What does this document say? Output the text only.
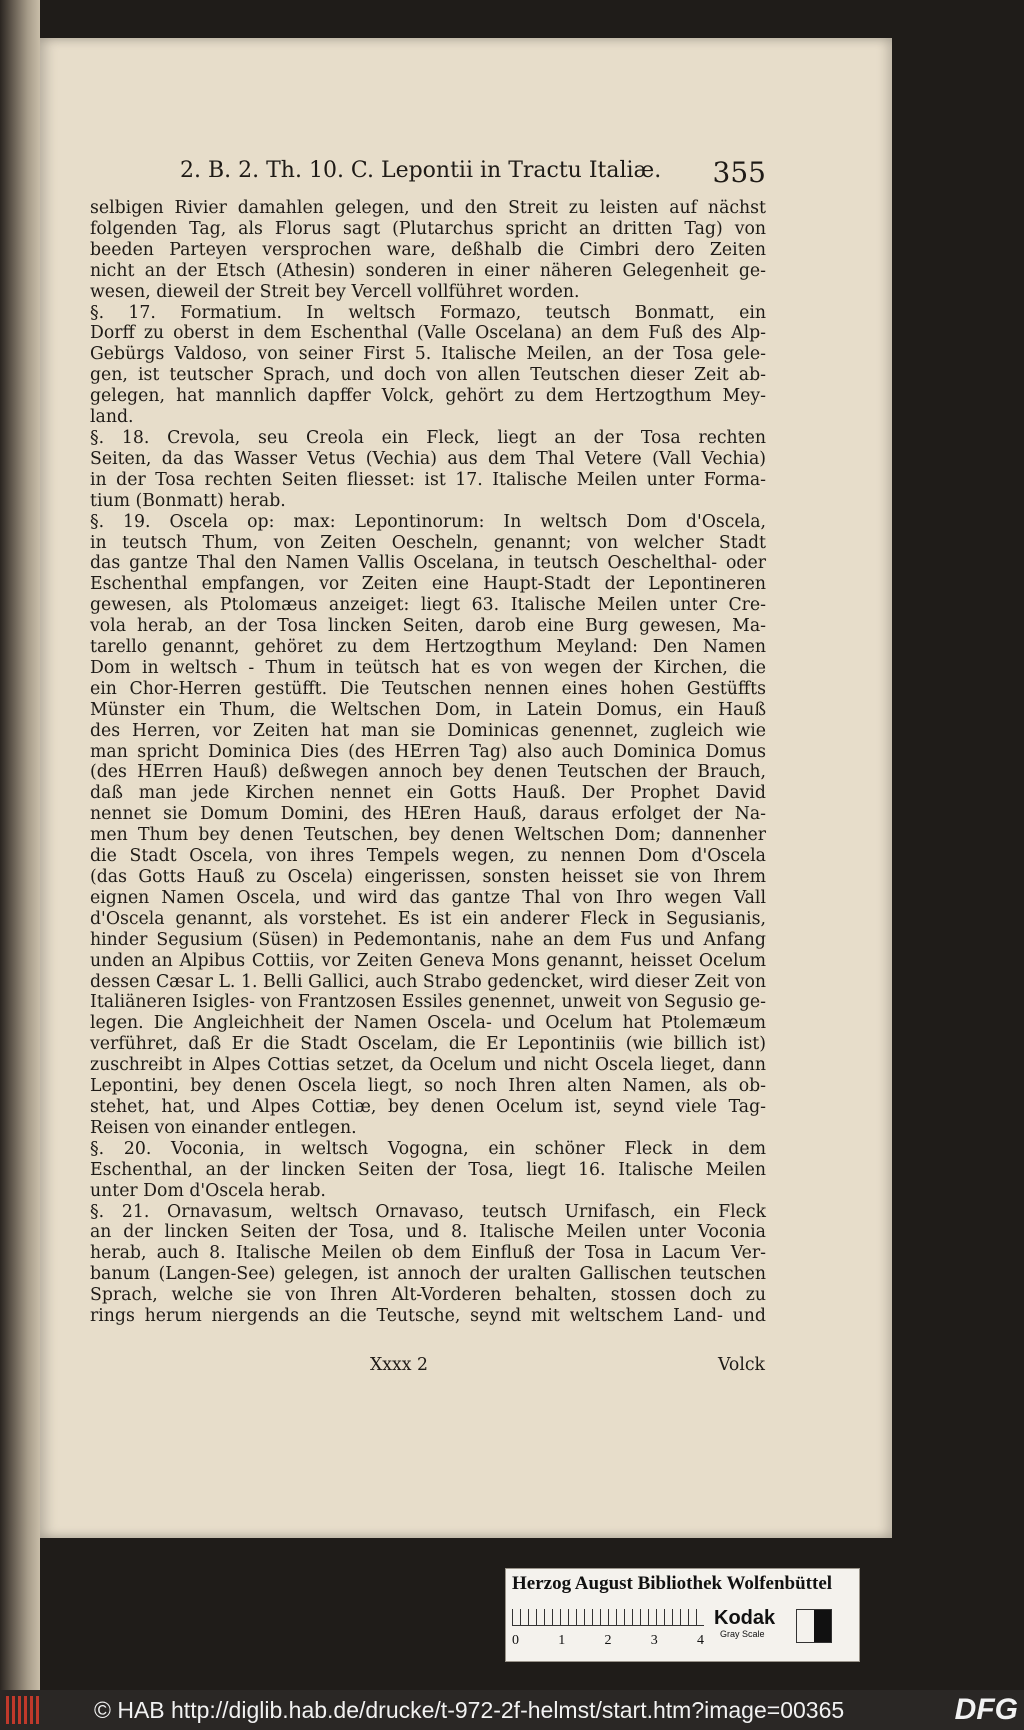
2. B. 2. Th. 10. C. Lepontii in Tractu Italiæ. 355
selbigen Rivier damahlen gelegen, und den Streit zu leisten auf nächst
folgenden Tag, als Florus sagt (Plutarchus spricht an dritten Tag) von
beeden Parteyen versprochen ware, deßhalb die Cimbri dero Zeiten
nicht an der Etsch (Athesin) sonderen in einer näheren Gelegenheit ge-
wesen, dieweil der Streit bey Vercell vollführet worden.
§. 17. Formatium. In weltsch Formazo, teutsch Bonmatt, ein
Dorff zu oberst in dem Eschenthal (Valle Oscelana) an dem Fuß des Alp-
Gebürgs Valdoso, von seiner First 5. Italische Meilen, an der Tosa gele-
gen, ist teutscher Sprach, und doch von allen Teutschen dieser Zeit ab-
gelegen, hat mannlich dapffer Volck, gehört zu dem Hertzogthum Mey-
land.
§. 18. Crevola, seu Creola ein Fleck, liegt an der Tosa rechten
Seiten, da das Wasser Vetus (Vechia) aus dem Thal Vetere (Vall Vechia)
in der Tosa rechten Seiten fliesset: ist 17. Italische Meilen unter Forma-
tium (Bonmatt) herab.
§. 19. Oscela op: max: Lepontinorum: In weltsch Dom d'Oscela,
in teutsch Thum, von Zeiten Oescheln, genannt; von welcher Stadt
das gantze Thal den Namen Vallis Oscelana, in teutsch Oeschelthal- oder
Eschenthal empfangen, vor Zeiten eine Haupt-Stadt der Lepontineren
gewesen, als Ptolomæus anzeiget: liegt 63. Italische Meilen unter Cre-
vola herab, an der Tosa lincken Seiten, darob eine Burg gewesen, Ma-
tarello genannt, gehöret zu dem Hertzogthum Meyland: Den Namen
Dom in weltsch - Thum in teütsch hat es von wegen der Kirchen, die
ein Chor-Herren gestüfft. Die Teutschen nennen eines hohen Gestüffts
Münster ein Thum, die Weltschen Dom, in Latein Domus, ein Hauß
des Herren, vor Zeiten hat man sie Dominicas genennet, zugleich wie
man spricht Dominica Dies (des HErren Tag) also auch Dominica Domus
(des HErren Hauß) deßwegen annoch bey denen Teutschen der Brauch,
daß man jede Kirchen nennet ein Gotts Hauß. Der Prophet David
nennet sie Domum Domini, des HEren Hauß, daraus erfolget der Na-
men Thum bey denen Teutschen, bey denen Weltschen Dom; dannenher
die Stadt Oscela, von ihres Tempels wegen, zu nennen Dom d'Oscela
(das Gotts Hauß zu Oscela) eingerissen, sonsten heisset sie von Ihrem
eignen Namen Oscela, und wird das gantze Thal von Ihro wegen Vall
d'Oscela genannt, als vorstehet. Es ist ein anderer Fleck in Segusianis,
hinder Segusium (Süsen) in Pedemontanis, nahe an dem Fus und Anfang
unden an Alpibus Cottiis, vor Zeiten Geneva Mons genannt, heisset Ocelum
dessen Cæsar L. 1. Belli Gallici, auch Strabo gedencket, wird dieser Zeit von
Italiäneren Isigles- von Frantzosen Essiles genennet, unweit von Segusio ge-
legen. Die Angleichheit der Namen Oscela- und Ocelum hat Ptolemæum
verführet, daß Er die Stadt Oscelam, die Er Lepontiniis (wie billich ist)
zuschreibt in Alpes Cottias setzet, da Ocelum und nicht Oscela lieget, dann
Lepontini, bey denen Oscela liegt, so noch Ihren alten Namen, als ob-
stehet, hat, und Alpes Cottiæ, bey denen Ocelum ist, seynd viele Tag-
Reisen von einander entlegen.
§. 20. Voconia, in weltsch Vogogna, ein schöner Fleck in dem
Eschenthal, an der lincken Seiten der Tosa, liegt 16. Italische Meilen
unter Dom d'Oscela herab.
§. 21. Ornavasum, weltsch Ornavaso, teutsch Urnifasch, ein Fleck
an der lincken Seiten der Tosa, und 8. Italische Meilen unter Voconia
herab, auch 8. Italische Meilen ob dem Einfluß der Tosa in Lacum Ver-
banum (Langen-See) gelegen, ist annoch der uralten Gallischen teutschen
Sprach, welche sie von Ihren Alt-Vorderen behalten, stossen doch zu
rings herum niergends an die Teutsche, seynd mit weltschem Land- und
Xxxx 2	Volck
Herzog August Bibliothek Wolfenbüttel
0	1	2	3	4
Kodak
Gray Scale
© HAB http://diglib.hab.de/drucke/t-972-2f-helmst/start.htm?image=00365	DFG
